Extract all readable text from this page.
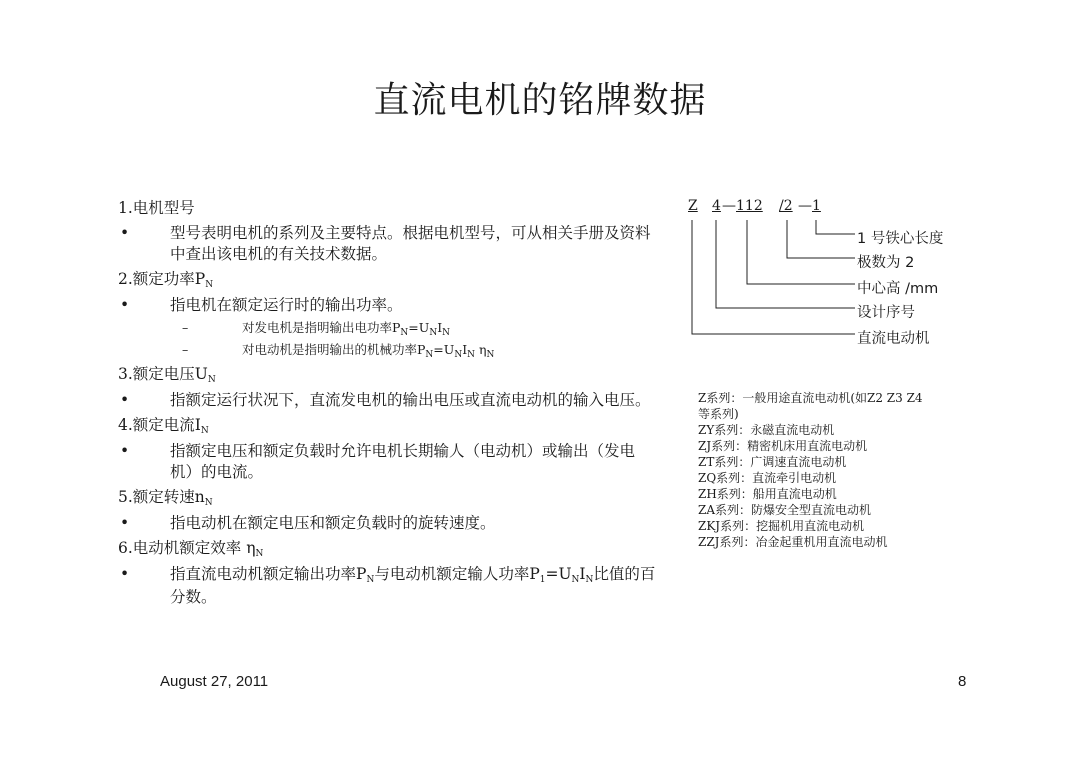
直流电机的铭牌数据
1.电机型号
•	型号表明电机的系列及主要特点。根据电机型号，可从相关手册及资料中查出该电机的有关技术数据。
2.额定功率$P_N$
•	指电机在额定运行时的输出功率。
–	对发电机是指明输出电功率$P_N=U_NI_N$
–	对电动机是指明输出的机械功率$P_N=U_NI_N$ $\eta_N$
3.额定电压$U_N$
•	指额定运行状况下，直流发电机的输出电压或直流电动机的输入电压。
4.额定电流$I_N$
•	指额定电压和额定负载时允许电机长期输人（电动机）或输出（发电机）的电流。
5.额定转速$n_N$
•	指电动机在额定电压和额定负载时的旋转速度。
6.电动机额定效率 $\eta_N$
•	指直流电动机额定输出功率$P_N$与电动机额定输人功率$P_1=U_NI_N$比值的百分数。
Z 4 — 112 /2 — 1
1 号铁心长度
极数为 2
中心高 /mm
设计序号
直流电动机
Z系列：一般用途直流电动机(如Z2 Z3 Z4 等系列)
ZY系列：永磁直流电动机
ZJ系列：精密机床用直流电动机
ZT系列：广调速直流电动机
ZQ系列：直流牵引电动机
ZH系列：船用直流电动机
ZA系列：防爆安全型直流电动机
ZKJ系列：挖掘机用直流电动机
ZZJ系列：冶金起重机用直流电动机
August 27, 2011	8
